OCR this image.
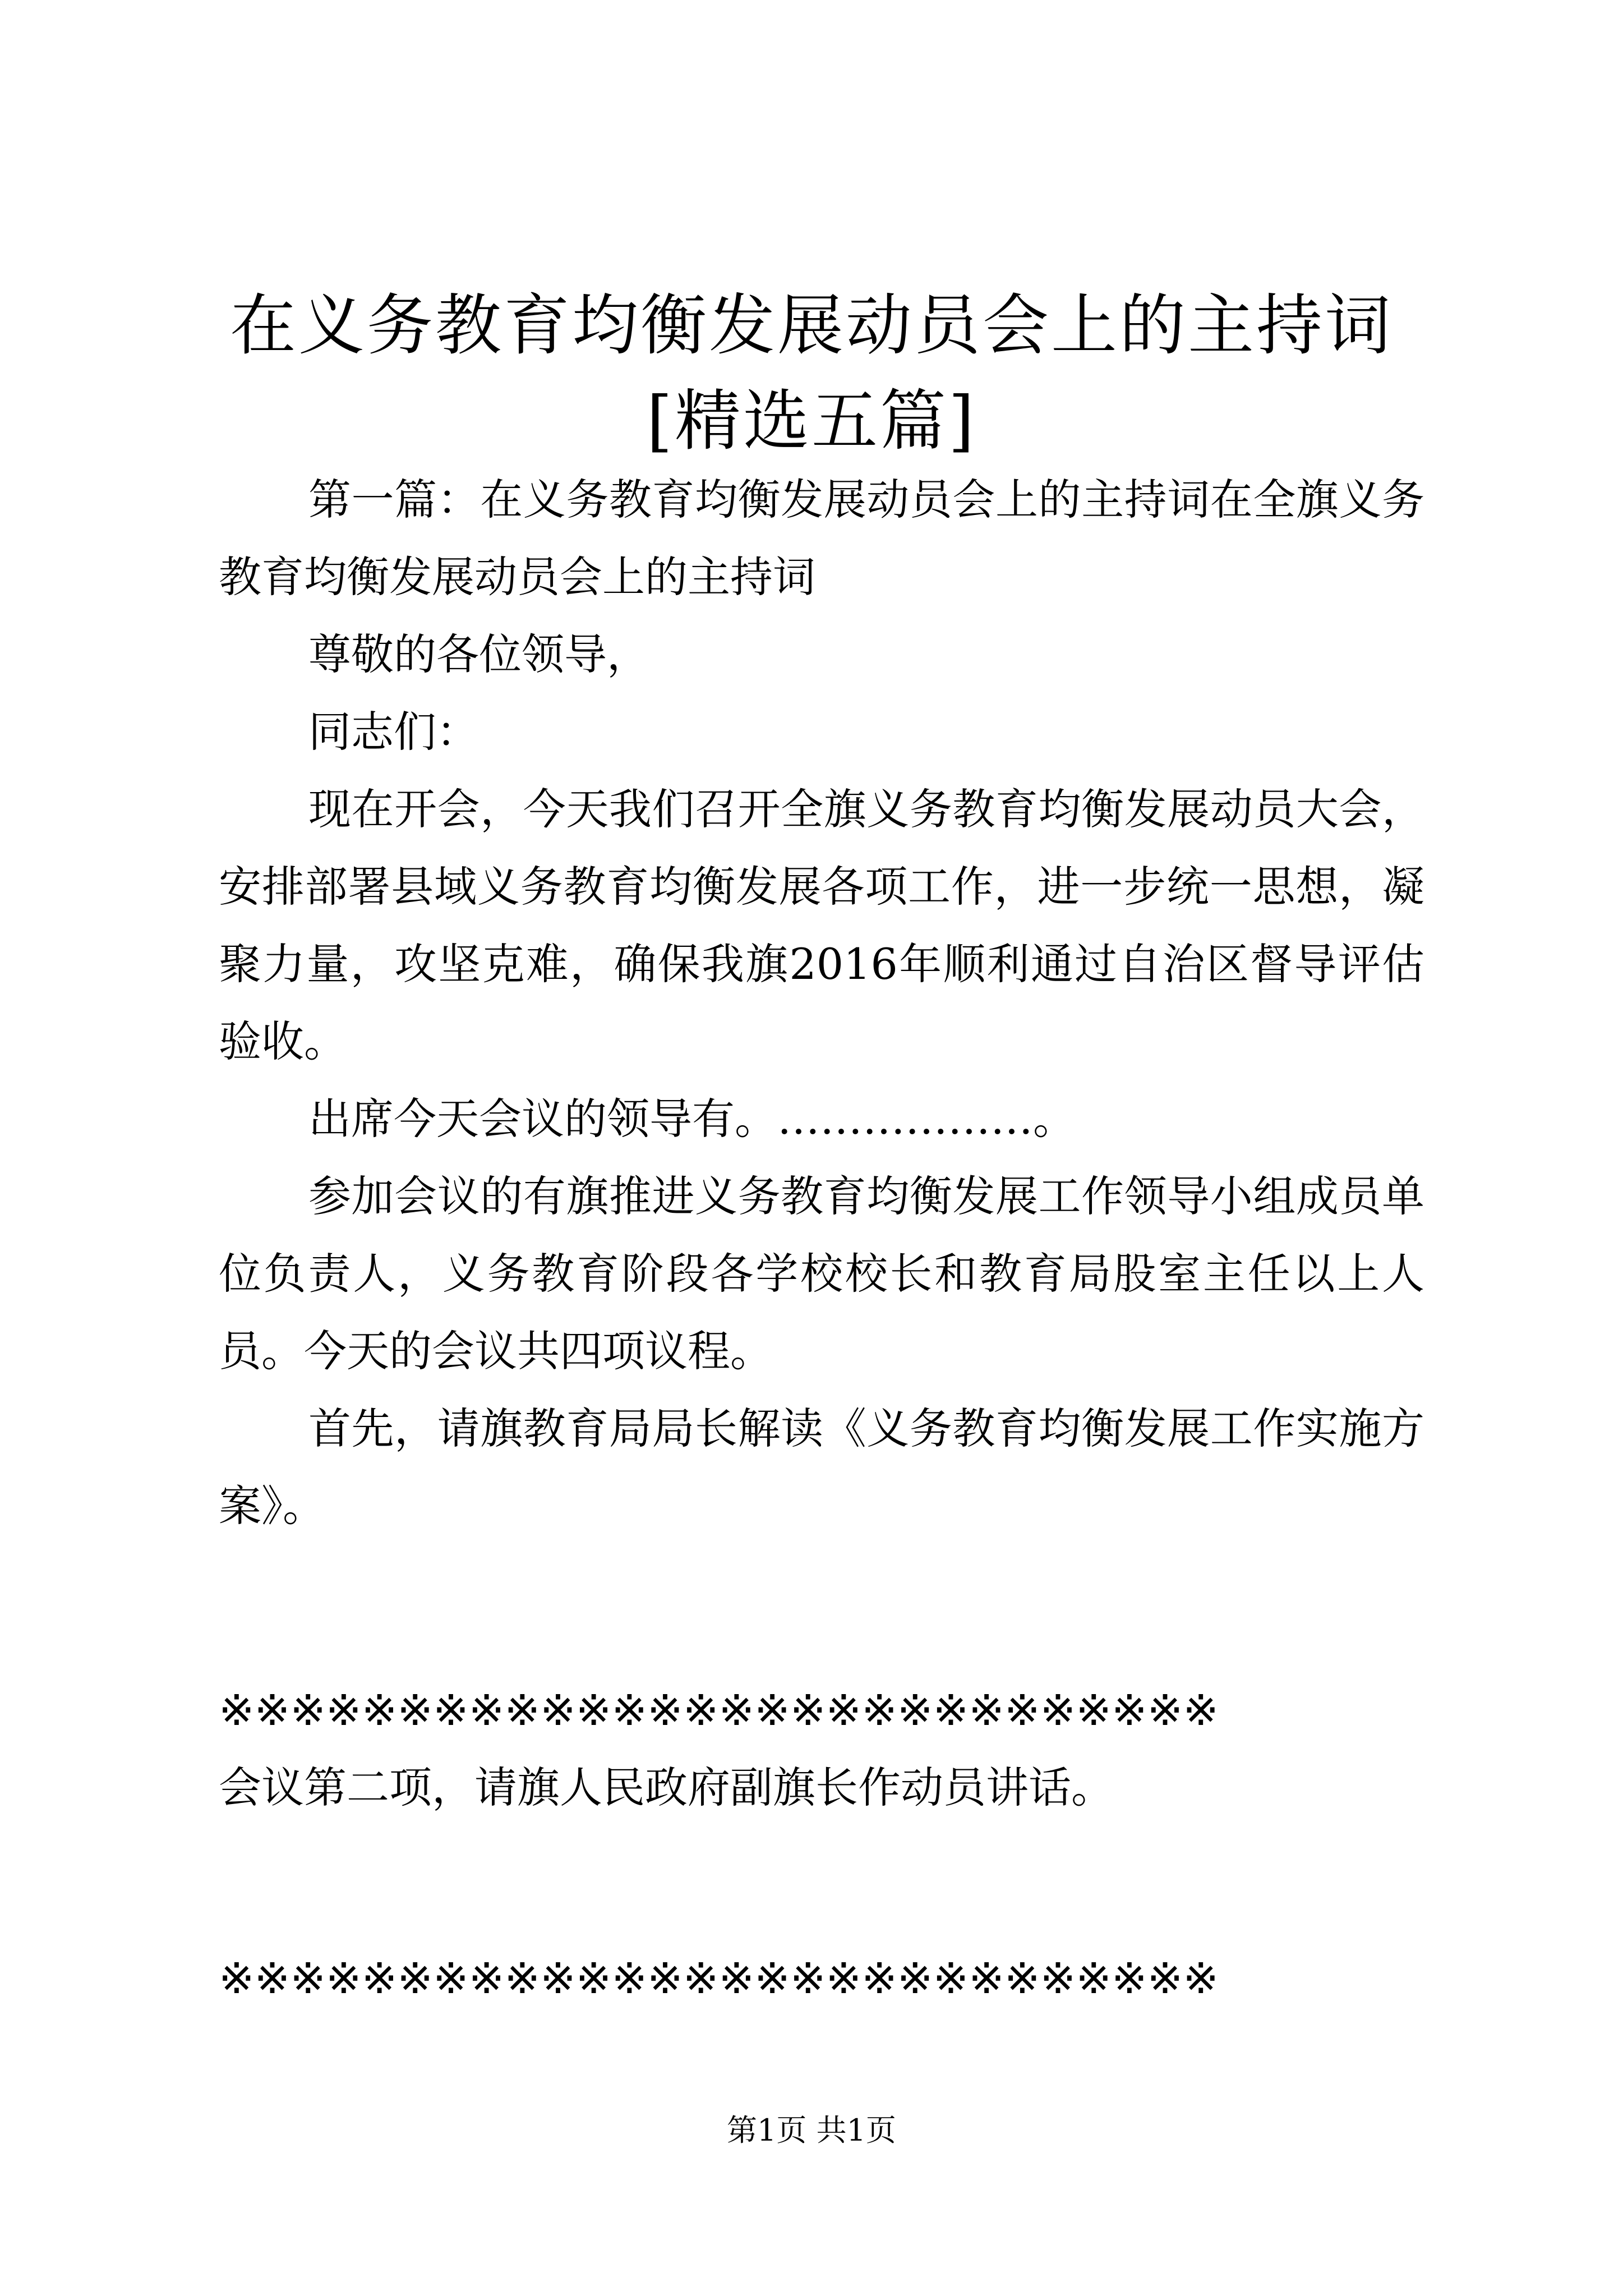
在义务教育均衡发展动员会上的主持词[精选五篇]

第一篇：在义务教育均衡发展动员会上的主持词在全旗义务教育均衡发展动员会上的主持词

尊敬的各位领导，

同志们：

现在开会，今天我们召开全旗义务教育均衡发展动员大会，安排部署县域义务教育均衡发展各项工作，进一步统一思想，凝聚力量，攻坚克难，确保我旗2016年顺利通过自治区督导评估验收。

出席今天会议的领导有。………………。

参加会议的有旗推进义务教育均衡发展工作领导小组成员单位负责人，义务教育阶段各学校校长和教育局股室主任以上人员。今天的会议共四项议程。

首先，请旗教育局局长解读《义务教育均衡发展工作实施方案》。

※※※※※※※※※※※※※※※※※※※※※※※※※※※※

会议第二项，请旗人民政府副旗长作动员讲话。

※※※※※※※※※※※※※※※※※※※※※※※※※※※※
第1页 共1页
